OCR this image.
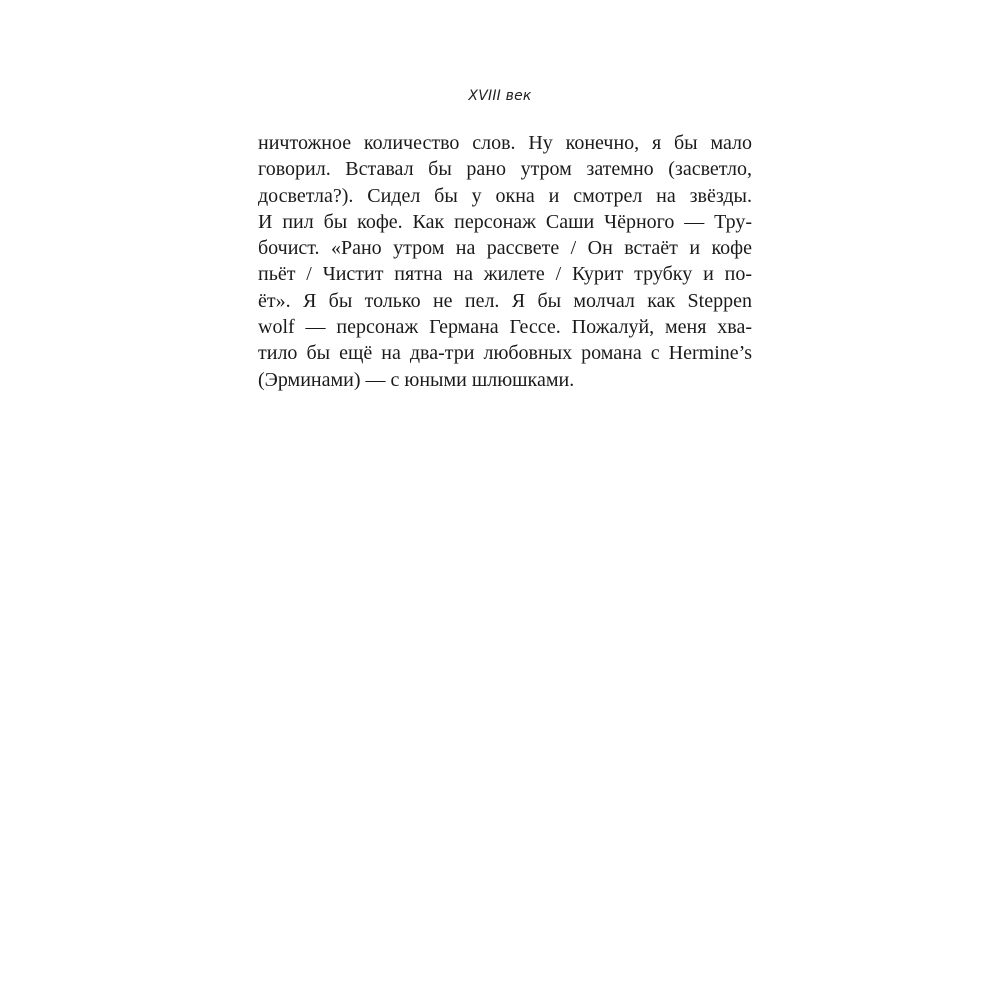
XVIII век
ничтожное количество слов. Ну конечно, я бы мало
говорил. Вставал бы рано утром затемно (засветло,
досветла?). Сидел бы у окна и смотрел на звёзды.
И пил бы кофе. Как персонаж Саши Чёрного — Тру-
бочист. «Рано утром на рассвете / Он встаёт и кофе
пьёт / Чистит пятна на жилете / Курит трубку и по-
ёт». Я бы только не пел. Я бы молчал как Steppen
wolf — персонаж Германа Гессе. Пожалуй, меня хва-
тило бы ещё на два-три любовных романа с Hermine’s
(Эрминами) — с юными шлюшками.
